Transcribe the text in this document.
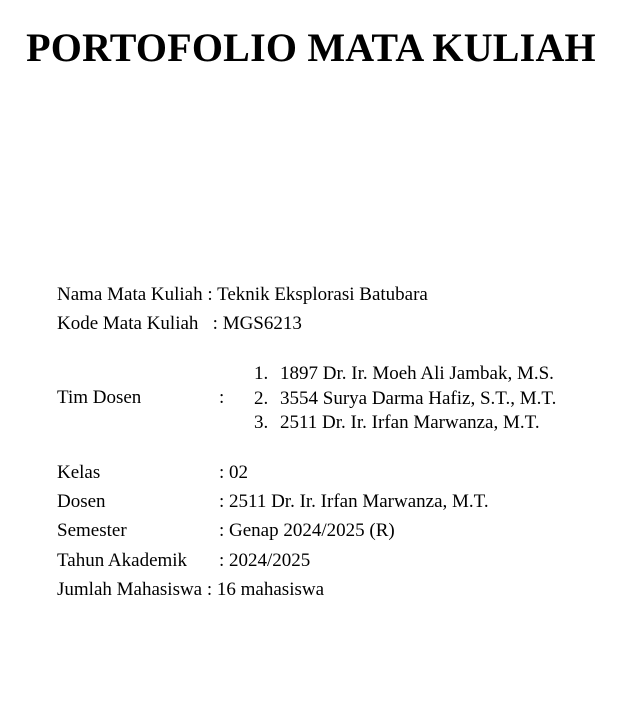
PORTOFOLIO MATA KULIAH
Nama Mata Kuliah : Teknik Eksplorasi Batubara
Kode Mata Kuliah : MGS6213
Tim Dosen	:
1. 1897 Dr. Ir. Moeh Ali Jambak, M.S.
2. 3554 Surya Darma Hafiz, S.T., M.T.
3. 2511 Dr. Ir. Irfan Marwanza, M.T.
Kelas	: 02
Dosen	: 2511 Dr. Ir. Irfan Marwanza, M.T.
Semester	: Genap 2024/2025 (R)
Tahun Akademik : 2024/2025
Jumlah Mahasiswa : 16 mahasiswa
